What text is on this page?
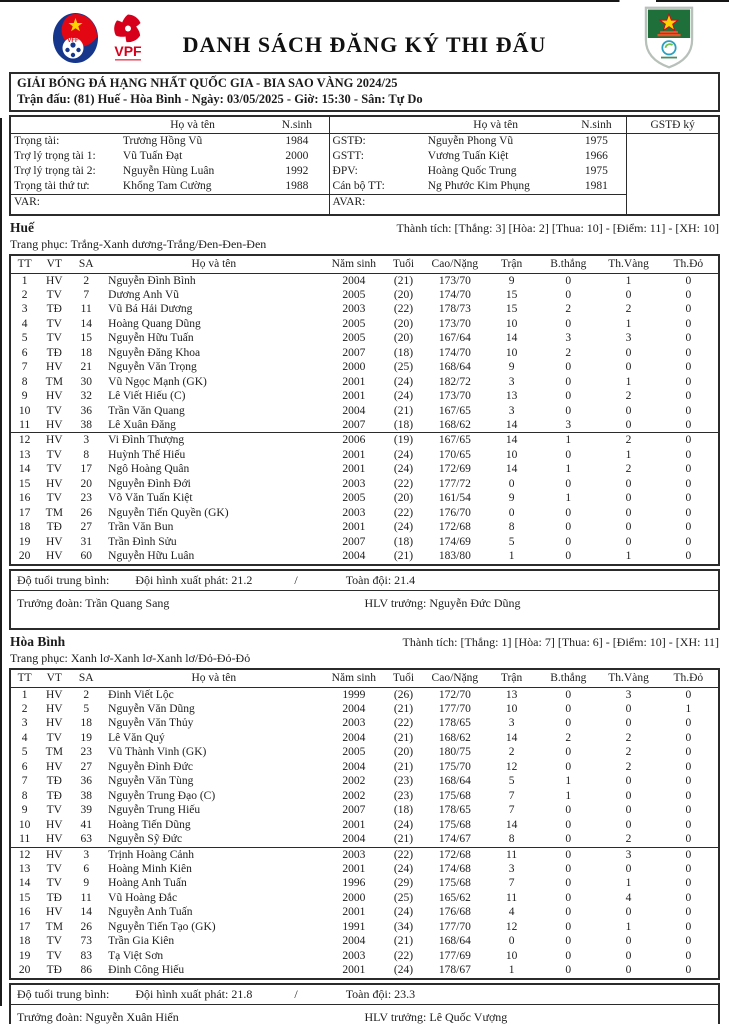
VFF
VPF	DANH SÁCH ĐĂNG KÝ THI ĐẤU
GIẢI BÓNG ĐÁ HẠNG NHẤT QUỐC GIA - BIA SAO VÀNG 2024/25
Trận đấu: (81) Huế - Hòa Bình - Ngày: 03/05/2025 - Giờ: 15:30 - Sân: Tự Do
	Họ và tên	N.sinh		Họ và tên	N.sinh	GSTĐ ký
Trọng tài:	Trương Hồng Vũ	1984	GSTĐ:	Nguyễn Phong Vũ	1975	
Trợ lý trọng tài 1:	Vũ Tuấn Đạt	2000	GSTT:	Vương Tuấn Kiệt	1966	
Trợ lý trọng tài 2:	Nguyễn Hùng Luân	1992	ĐPV:	Hoàng Quốc Trung	1975	
Trọng tài thứ tư:	Khổng Tam Cường	1988	Cán bộ TT:	Ng Phước Kim Phụng	1981	
VAR:			AVAR:			
Huế	Thành tích: [Thắng: 3] [Hòa: 2] [Thua: 10] - [Điểm: 11] - [XH: 10]
Trang phục: Trắng-Xanh dương-Trắng/Đen-Đen-Đen
TT	VT	SA	Họ và tên	Năm sinh	Tuổi	Cao/Nặng	Trận	B.thắng	Th.Vàng	Th.Đỏ
1	HV	2	Nguyễn Đình Bình	2004	(21)	173/70	9	0	1	0
2	TV	7	Dương Anh Vũ	2005	(20)	174/70	15	0	0	0
3	TĐ	11	Vũ Bá Hải Dương	2003	(22)	178/73	15	2	2	0
4	TV	14	Hoàng Quang Dũng	2005	(20)	173/70	10	0	1	0
5	TV	15	Nguyễn Hữu Tuấn	2005	(20)	167/64	14	3	3	0
6	TĐ	18	Nguyễn Đăng Khoa	2007	(18)	174/70	10	2	0	0
7	HV	21	Nguyễn Văn Trọng	2000	(25)	168/64	9	0	0	0
8	TM	30	Vũ Ngọc Mạnh (GK)	2001	(24)	182/72	3	0	1	0
9	HV	32	Lê Viết Hiếu (C)	2001	(24)	173/70	13	0	2	0
10	TV	36	Trần Văn Quang	2004	(21)	167/65	3	0	0	0
11	HV	38	Lê Xuân Đăng	2007	(18)	168/62	14	3	0	0
12	HV	3	Vi Đình Thượng	2006	(19)	167/65	14	1	2	0
13	TV	8	Huỳnh Thế Hiếu	2001	(24)	170/65	10	0	1	0
14	TV	17	Ngô Hoàng Quân	2001	(24)	172/69	14	1	2	0
15	HV	20	Nguyễn Đình Đới	2003	(22)	177/72	0	0	0	0
16	TV	23	Võ Văn Tuấn Kiệt	2005	(20)	161/54	9	1	0	0
17	TM	26	Nguyễn Tiến Quyền (GK)	2003	(22)	176/70	0	0	0	0
18	TĐ	27	Trần Văn Bun	2001	(24)	172/68	8	0	0	0
19	HV	31	Trần Đình Sửu	2007	(18)	174/69	5	0	0	0
20	HV	60	Nguyễn Hữu Luân	2004	(21)	183/80	1	0	1	0
Độ tuổi trung bình: Đội hình xuất phát: 21.2	/	Toàn đội: 21.4
Trưởng đoàn: Trần Quang Sang	HLV trưởng: Nguyễn Đức Dũng
Hòa Bình	Thành tích: [Thắng: 1] [Hòa: 7] [Thua: 6] - [Điểm: 10] - [XH: 11]
Trang phục: Xanh lơ-Xanh lơ-Xanh lơ/Đỏ-Đỏ-Đỏ
TT	VT	SA	Họ và tên	Năm sinh	Tuổi	Cao/Nặng	Trận	B.thắng	Th.Vàng	Th.Đỏ
1	HV	2	Đinh Viết Lộc	1999	(26)	172/70	13	0	3	0
2	HV	5	Nguyễn Văn Dũng	2004	(21)	177/70	10	0	0	1
3	HV	18	Nguyễn Văn Thủy	2003	(22)	178/65	3	0	0	0
4	TV	19	Lê Văn Quý	2004	(21)	168/62	14	2	2	0
5	TM	23	Vũ Thành Vinh (GK)	2005	(20)	180/75	2	0	2	0
6	HV	27	Nguyễn Đình Đức	2004	(21)	175/70	12	0	2	0
7	TĐ	36	Nguyễn Văn Tùng	2002	(23)	168/64	5	1	0	0
8	TĐ	38	Nguyễn Trung Đạo (C)	2002	(23)	175/68	7	1	0	0
9	TV	39	Nguyễn Trung Hiếu	2007	(18)	178/65	7	0	0	0
10	HV	41	Hoàng Tiến Dũng	2001	(24)	175/68	14	0	0	0
11	HV	63	Nguyễn Sỹ Đức	2004	(21)	174/67	8	0	2	0
12	HV	3	Trịnh Hoàng Cảnh	2003	(22)	172/68	11	0	3	0
13	TV	6	Hoàng Minh Kiên	2001	(24)	174/68	3	0	0	0
14	TV	9	Hoàng Anh Tuấn	1996	(29)	175/68	7	0	1	0
15	TĐ	11	Vũ Hoàng Đắc	2000	(25)	165/62	11	0	4	0
16	HV	14	Nguyễn Anh Tuấn	2001	(24)	176/68	4	0	0	0
17	TM	26	Nguyễn Tiến Tạo (GK)	1991	(34)	177/70	12	0	1	0
18	TV	73	Trần Gia Kiên	2004	(21)	168/64	0	0	0	0
19	TV	83	Tạ Việt Sơn	2003	(22)	177/69	10	0	0	0
20	TĐ	86	Đinh Công Hiếu	2001	(24)	178/67	1	0	0	0
Độ tuổi trung bình: Đội hình xuất phát: 21.8	/	Toàn đội: 23.3
Trưởng đoàn: Nguyễn Xuân Hiển	HLV trưởng: Lê Quốc Vượng
